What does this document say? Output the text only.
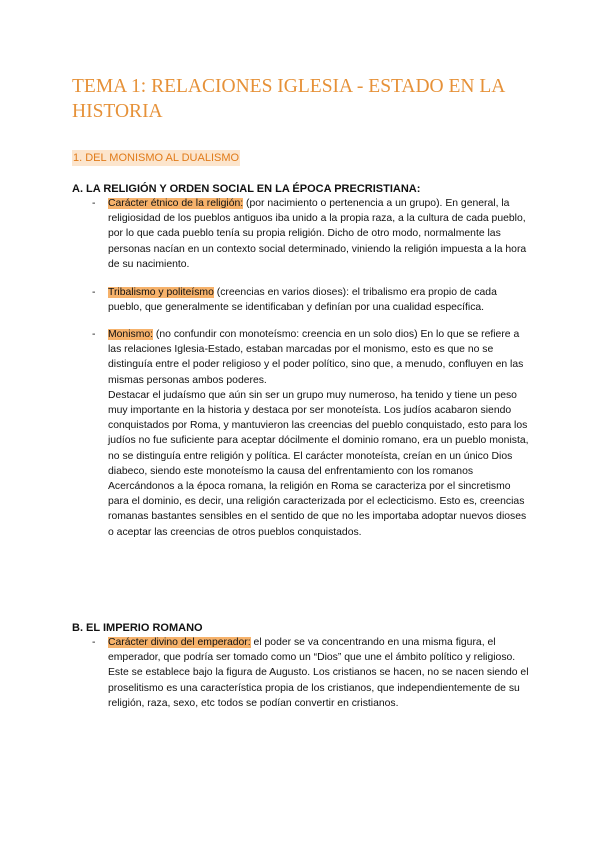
TEMA 1: RELACIONES IGLESIA - ESTADO EN LA HISTORIA
1. DEL MONISMO AL DUALISMO
A. LA RELIGIÓN Y ORDEN SOCIAL EN LA ÉPOCA PRECRISTIANA:
- Carácter étnico de la religión: (por nacimiento o pertenencia a un grupo). En general, la religiosidad de los pueblos antiguos iba unido a la propia raza, a la cultura de cada pueblo, por lo que cada pueblo tenía su propia religión. Dicho de otro modo, normalmente las personas nacían en un contexto social determinado, viniendo la religión impuesta a la hora de su nacimiento.
- Tribalismo y politeísmo (creencias en varios dioses): el tribalismo era propio de cada pueblo, que generalmente se identificaban y definían por una cualidad específica.
- Monismo: (no confundir con monoteísmo: creencia en un solo dios) En lo que se refiere a las relaciones Iglesia-Estado, estaban marcadas por el monismo, esto es que no se distinguía entre el poder religioso y el poder político, sino que, a menudo, confluyen en las mismas personas ambos poderes.

Destacar el judaísmo que aún sin ser un grupo muy numeroso, ha tenido y tiene un peso muy importante en la historia y destaca por ser monoteísta. Los judíos acabaron siendo conquistados por Roma, y mantuvieron las creencias del pueblo conquistado, esto para los judíos no fue suficiente para aceptar dócilmente el dominio romano, era un pueblo monista, no se distinguía entre religión y política. El carácter monoteísta, creían en un único Dios diabeco, siendo este monoteísmo la causa del enfrentamiento con los romanos

Acercándonos a la época romana, la religión en Roma se caracteriza por el sincretismo para el dominio, es decir, una religión caracterizada por el eclecticismo. Esto es, creencias romanas bastantes sensibles en el sentido de que no les importaba adoptar nuevos dioses o aceptar las creencias de otros pueblos conquistados.

B. EL IMPERIO ROMANO
- Carácter divino del emperador: el poder se va concentrando en una misma figura, el emperador, que podría ser tomado como un “Dios” que une el ámbito político y religioso. Este se establece bajo la figura de Augusto. Los cristianos se hacen, no se nacen siendo el proselitismo es una característica propia de los cristianos, que independientemente de su religión, raza, sexo, etc todos se podían convertir en cristianos.
